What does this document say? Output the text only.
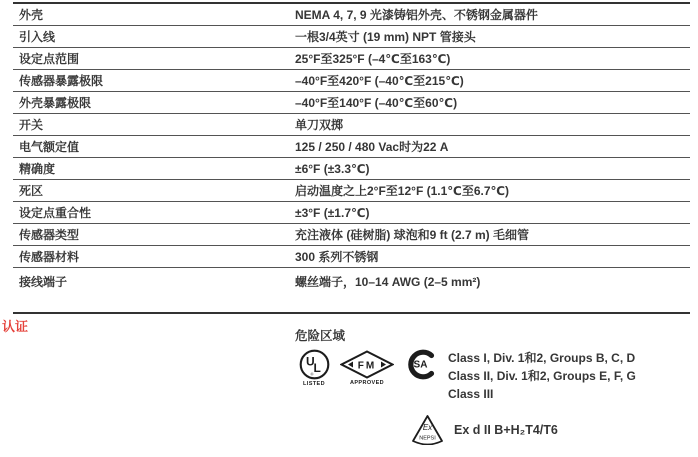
外壳	NEMA 4, 7, 9 光漆铸铝外壳、不锈钢金属器件
引入线	一根3/4英寸 (19 mm) NPT 管接头
设定点范围	25°F至325°F (–4℃至163℃)
传感器暴露极限	–40°F至420°F (–40℃至215℃)
外壳暴露极限	–40°F至140°F (–40℃至60℃)
开关	单刀双掷
电气额定值	125 / 250 / 480 Vac时为22 A
精确度	±6°F (±3.3℃)
死区	启动温度之上2°F至12°F (1.1℃至6.7℃)
设定点重合性	±3°F (±1.7℃)
传感器类型	充注液体 (硅树脂) 球泡和9 ft (2.7 m) 毛细管
传感器材料	300 系列不锈钢
接线端子	螺丝端子，10–14 AWG (2–5 mm²)
认证
危险区域
U
L
®
LISTED
FM
APPROVED
SA Class I, Div. 1和2, Groups B, C, D
Class II, Div. 1和2, Groups E, F, G
Class III
Ex
NEPSI
Ex d II B+H₂T4/T6
